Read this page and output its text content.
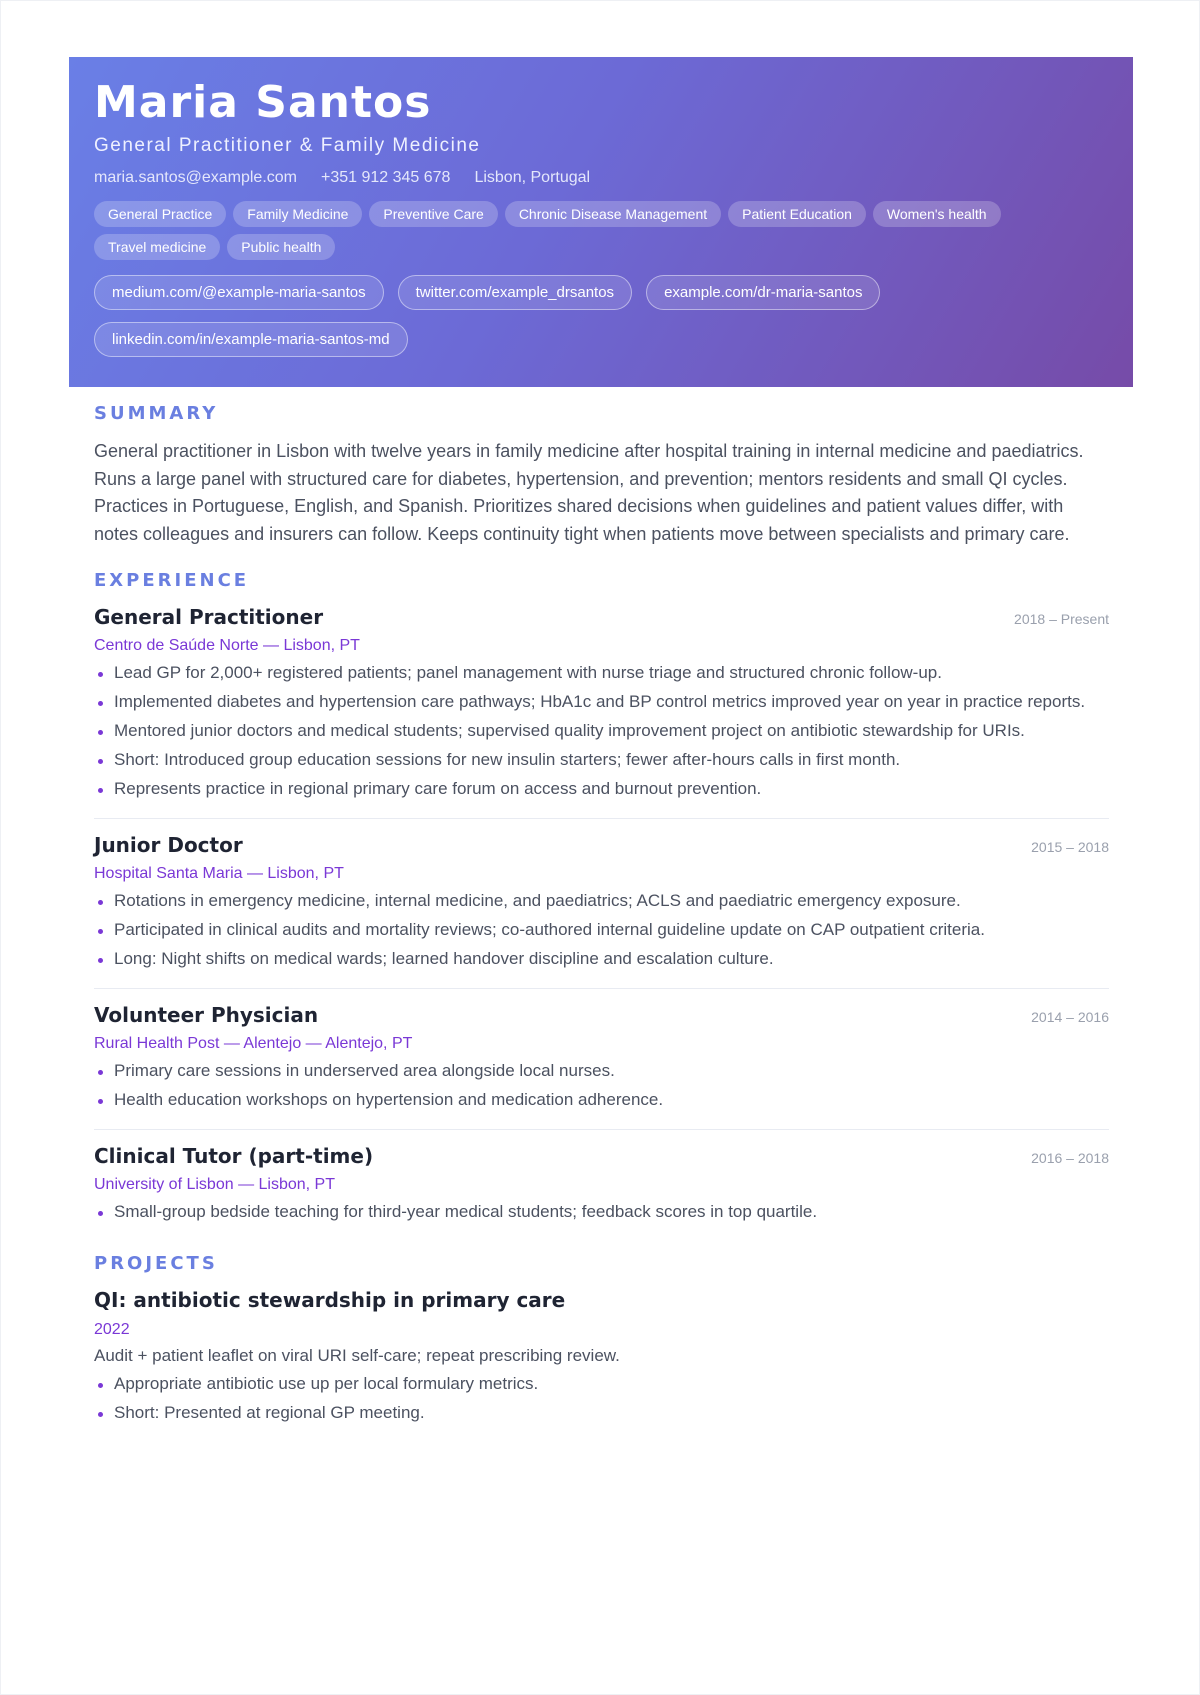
Maria Santos
General Practitioner & Family Medicine
maria.santos@example.com +351 912 345 678 Lisbon, Portugal
General Practice	Family Medicine	Preventive Care	Chronic Disease Management	Patient Education	Women's health
Travel medicine	Public health
medium.com/@example-maria-santos	twitter.com/example_drsantos	example.com/dr-maria-santos
linkedin.com/in/example-maria-santos-md
SUMMARY

General practitioner in Lisbon with twelve years in family medicine after hospital training in internal medicine and paediatrics. Runs a large panel with structured care for diabetes, hypertension, and prevention; mentors residents and small QI cycles. Practices in Portuguese, English, and Spanish. Prioritizes shared decisions when guidelines and patient values differ, with notes colleagues and insurers can follow. Keeps continuity tight when patients move between specialists and primary care.

EXPERIENCE
General Practitioner	2018 – Present
Centro de Saúde Norte — Lisbon, PT
Lead GP for 2,000+ registered patients; panel management with nurse triage and structured chronic follow-up.
Implemented diabetes and hypertension care pathways; HbA1c and BP control metrics improved year on year in practice reports.
Mentored junior doctors and medical students; supervised quality improvement project on antibiotic stewardship for URIs.
Short: Introduced group education sessions for new insulin starters; fewer after-hours calls in first month.
Represents practice in regional primary care forum on access and burnout prevention.
Junior Doctor	2015 – 2018
Hospital Santa Maria — Lisbon, PT
Rotations in emergency medicine, internal medicine, and paediatrics; ACLS and paediatric emergency exposure.
Participated in clinical audits and mortality reviews; co-authored internal guideline update on CAP outpatient criteria.
Long: Night shifts on medical wards; learned handover discipline and escalation culture.
Volunteer Physician	2014 – 2016
Rural Health Post — Alentejo — Alentejo, PT
Primary care sessions in underserved area alongside local nurses.
Health education workshops on hypertension and medication adherence.
Clinical Tutor (part-time)	2016 – 2018
University of Lisbon — Lisbon, PT
Small-group bedside teaching for third-year medical students; feedback scores in top quartile.
PROJECTS
QI: antibiotic stewardship in primary care
2022
Audit + patient leaflet on viral URI self-care; repeat prescribing review.
Appropriate antibiotic use up per local formulary metrics.
Short: Presented at regional GP meeting.
